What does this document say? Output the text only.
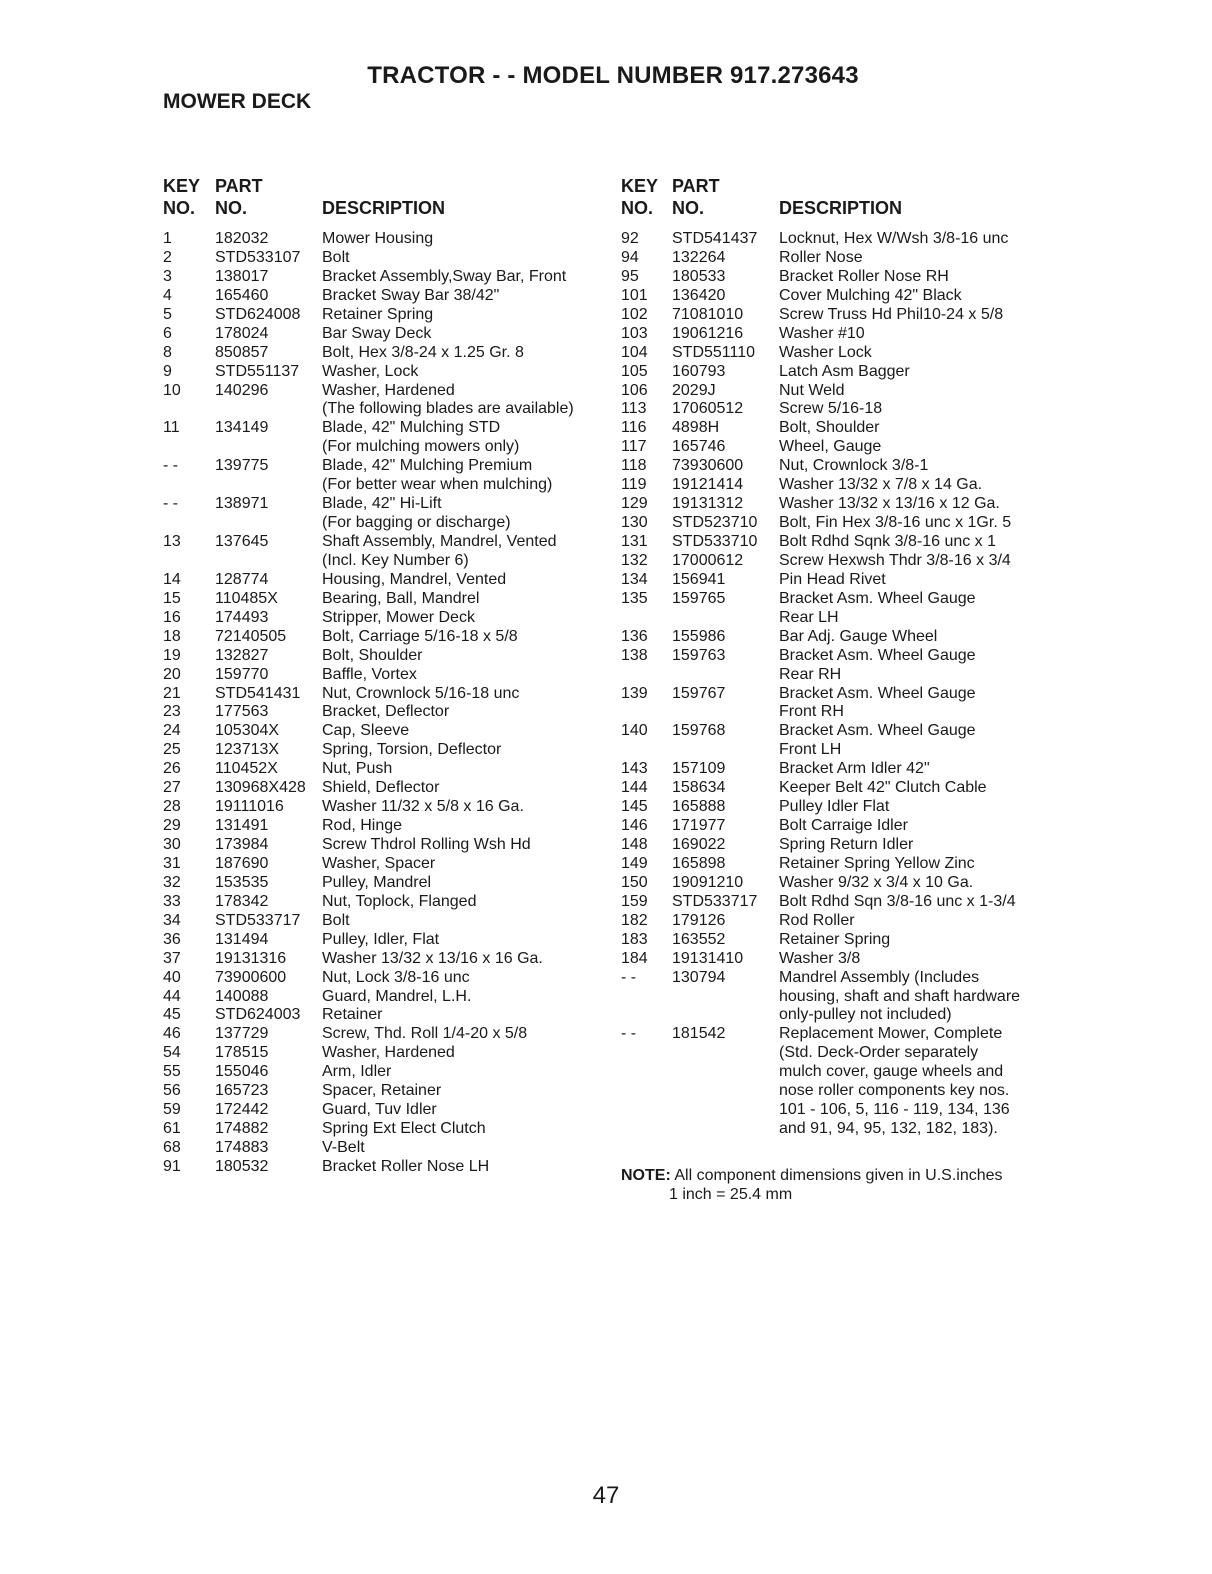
TRACTOR - - MODEL NUMBER 917.273643
MOWER DECK
KEY
NO.
PART
NO.	DESCRIPTION
1	182032	Mower Housing
2	STD533107 Bolt
3	138017	Bracket Assembly,Sway Bar, Front
4	165460	Bracket Sway Bar 38/42"
5	STD624008 Retainer Spring
6	178024	Bar Sway Deck
8	850857	Bolt, Hex 3/8-24 x 1.25 Gr. 8
9	STD551137 Washer, Lock
10 140296	Washer, Hardened
(The following blades are available)
11 134149	Blade, 42" Mulching STD
(For mulching mowers only)
- - 139775	Blade, 42" Mulching Premium
(For better wear when mulching)
- - 138971	Blade, 42" Hi-Lift
(For bagging or discharge)
13 137645	Shaft Assembly, Mandrel, Vented
(Incl. Key Number 6)
14 128774	Housing, Mandrel, Vented
15 110485X	Bearing, Ball, Mandrel
16 174493	Stripper, Mower Deck
18 72140505 Bolt, Carriage 5/16-18 x 5/8
19 132827	Bolt, Shoulder
20 159770	Baffle, Vortex
21 STD541431 Nut, Crownlock 5/16-18 unc
23 177563	Bracket, Deflector
24 105304X	Cap, Sleeve
25 123713X	Spring, Torsion, Deflector
26 110452X	Nut, Push
27 130968X428 Shield, Deflector
28 19111016 Washer 11/32 x 5/8 x 16 Ga.
29 131491	Rod, Hinge
30 173984	Screw Thdrol Rolling Wsh Hd
31 187690	Washer, Spacer
32 153535	Pulley, Mandrel
33 178342	Nut, Toplock, Flanged
34 STD533717 Bolt
36 131494	Pulley, Idler, Flat
37 19131316 Washer 13/32 x 13/16 x 16 Ga.
40 73900600 Nut, Lock 3/8-16 unc
44 140088	Guard, Mandrel, L.H.
45 STD624003 Retainer
46 137729	Screw, Thd. Roll 1/4-20 x 5/8
54 178515	Washer, Hardened
55 155046	Arm, Idler
56 165723	Spacer, Retainer
59 172442	Guard, Tuv Idler
61 174882	Spring Ext Elect Clutch
68 174883	V-Belt
91 180532	Bracket Roller Nose LH
KEY
NO.
PART
NO.	DESCRIPTION
92 STD541437 Locknut, Hex W/Wsh 3/8-16 unc
94 132264	Roller Nose
95 180533	Bracket Roller Nose RH
101 136420	Cover Mulching 42" Black
102 71081010 Screw Truss Hd Phil10-24 x 5/8
103 19061216 Washer #10
104 STD551110 Washer Lock
105 160793	Latch Asm Bagger
106 2029J	Nut Weld
113 17060512 Screw 5/16-18
116 4898H	Bolt, Shoulder
117 165746	Wheel, Gauge
118 73930600 Nut, Crownlock 3/8-1
119 19121414 Washer 13/32 x 7/8 x 14 Ga.
129 19131312 Washer 13/32 x 13/16 x 12 Ga.
130 STD523710 Bolt, Fin Hex 3/8-16 unc x 1Gr. 5
131 STD533710 Bolt Rdhd Sqnk 3/8-16 unc x 1
132 17000612 Screw Hexwsh Thdr 3/8-16 x 3/4
134 156941	Pin Head Rivet
135 159765	Bracket Asm. Wheel Gauge
Rear LH
136 155986	Bar Adj. Gauge Wheel
138 159763	Bracket Asm. Wheel Gauge
Rear RH
139 159767	Bracket Asm. Wheel Gauge
Front RH
140 159768	Bracket Asm. Wheel Gauge
Front LH
143 157109	Bracket Arm Idler 42"
144 158634	Keeper Belt 42" Clutch Cable
145 165888	Pulley Idler Flat
146 171977	Bolt Carraige Idler
148 169022	Spring Return Idler
149 165898	Retainer Spring Yellow Zinc
150 19091210 Washer 9/32 x 3/4 x 10 Ga.
159 STD533717 Bolt Rdhd Sqn 3/8-16 unc x 1-3/4
182 179126	Rod Roller
183 163552	Retainer Spring
184 19131410 Washer 3/8
- - 130794	Mandrel Assembly (Includes
housing, shaft and shaft hardware
only-pulley not included)
- - 181542	Replacement Mower, Complete
(Std. Deck-Order separately
mulch cover, gauge wheels and
nose roller components key nos.
101 - 106, 5, 116 - 119, 134, 136
and 91, 94, 95, 132, 182, 183).
NOTE: All component dimensions given in U.S.inches
1 inch = 25.4 mm
47
